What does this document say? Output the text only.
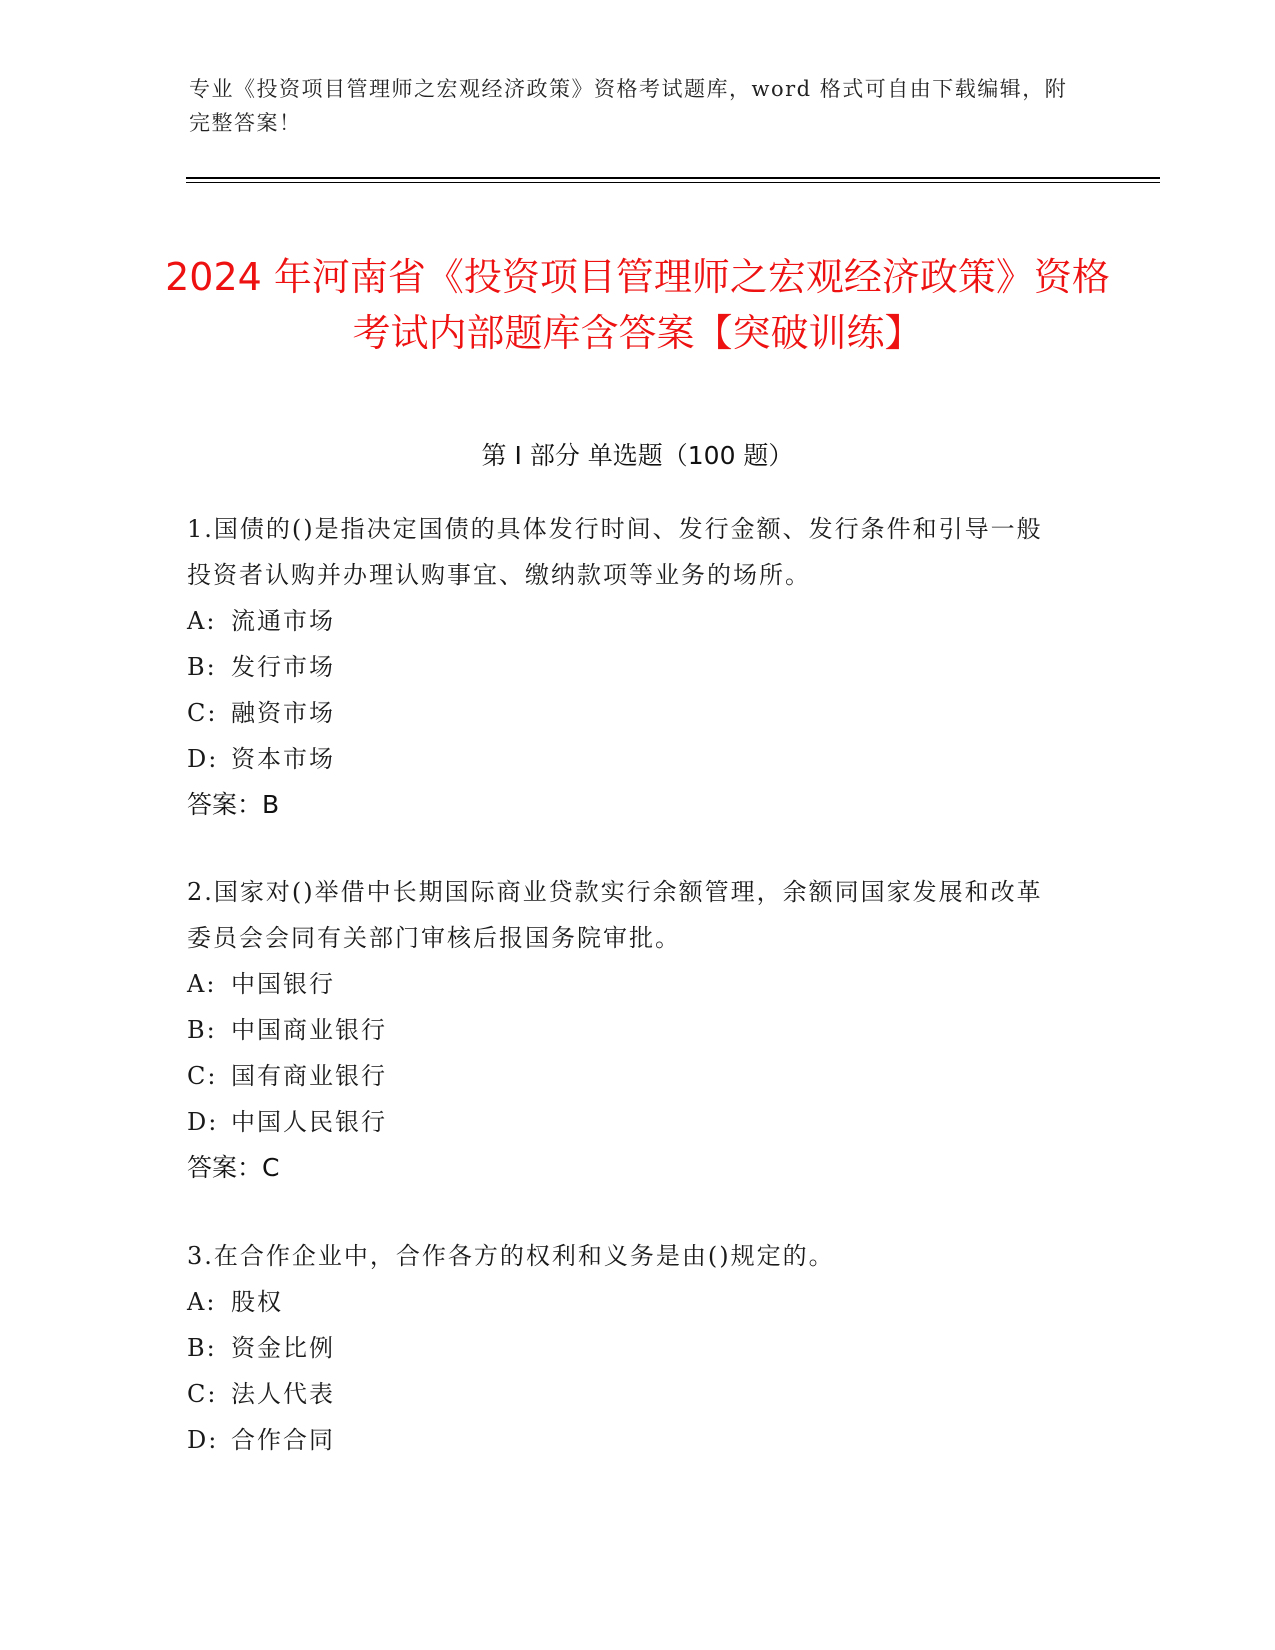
专业《投资项目管理师之宏观经济政策》资格考试题库，word 格式可自由下载编辑，附完整答案！
2024 年河南省《投资项目管理师之宏观经济政策》资格考试内部题库含答案【突破训练】
第 I 部分 单选题（100 题）

1.国债的()是指决定国债的具体发行时间、发行金额、发行条件和引导一般投资者认购并办理认购事宜、缴纳款项等业务的场所。

A: 流通市场
B: 发行市场
C: 融资市场
D: 资本市场
答案：B

2.国家对()举借中长期国际商业贷款实行余额管理，余额同国家发展和改革委员会会同有关部门审核后报国务院审批。

A: 中国银行
B: 中国商业银行
C: 国有商业银行
D: 中国人民银行
答案：C

3.在合作企业中，合作各方的权利和义务是由()规定的。

A: 股权
B: 资金比例
C: 法人代表
D: 合作合同
